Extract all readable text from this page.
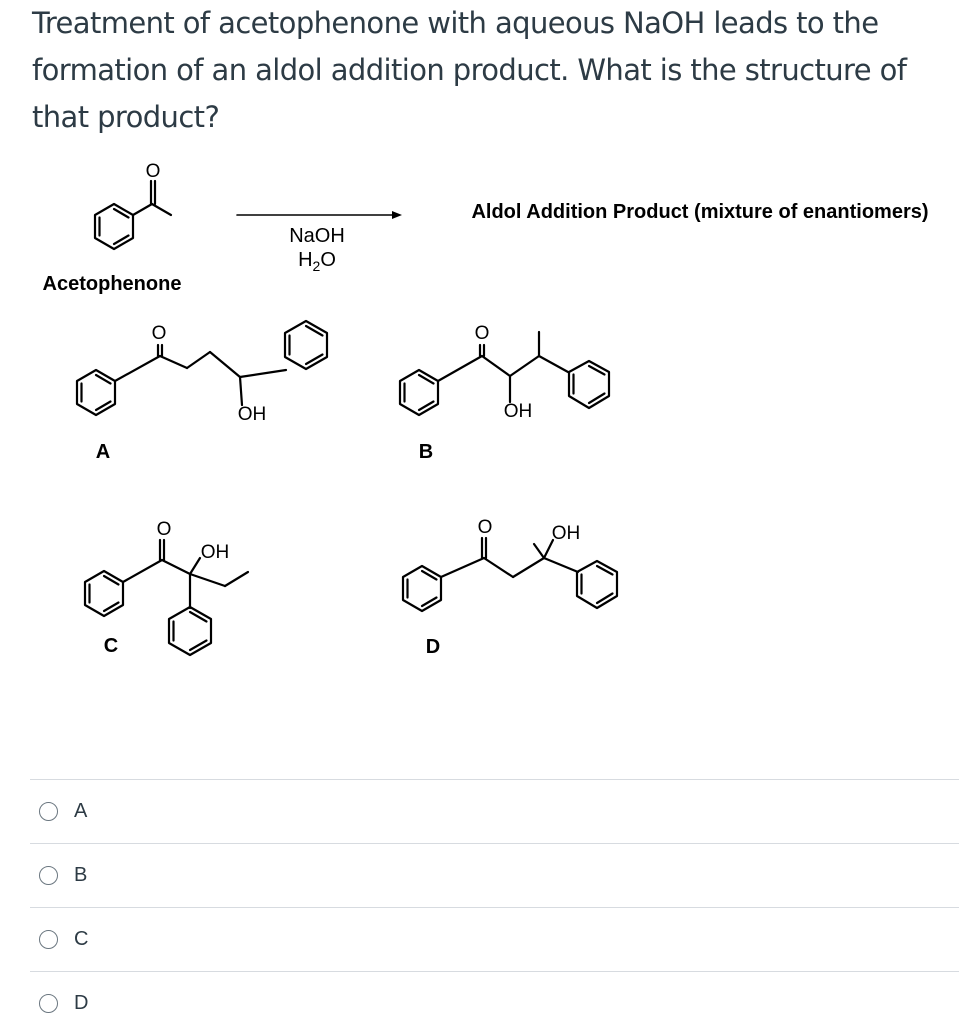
Treatment of acetophenone with aqueous NaOH leads to the formation of an aldol addition product. What is the structure of that product?
O
Acetophenone
NaOH
$H_2O$
Aldol Addition Product (mixture of enantiomers)
O
OH
A
O
OH
B
O
OH
C
O	OH
D
A
B
C
D
